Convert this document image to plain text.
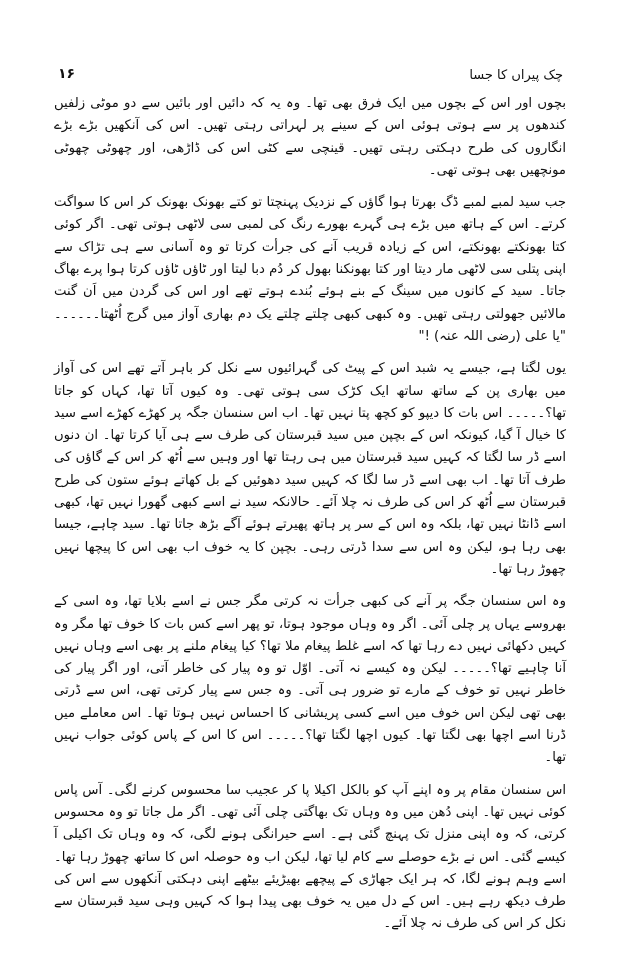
چک پیراں کا جسا
۱۶

بچوں اور اس کے بچوں میں ایک فرق بھی تھا۔ وہ یہ کہ دائیں اور بائیں سے دو موٹی زلفیں کندھوں پر سے ہوتی ہوئی اس کے سینے پر لہراتی رہتی تھیں۔ اس کی آنکھیں بڑے بڑے انگاروں کی طرح دہکتی رہتی تھیں۔ قینچی سے کٹی اس کی ڈاڑھی، اور چھوٹی چھوٹی مونچھیں بھی ہوتی تھی۔

جب سید لمبے لمبے ڈگ بھرتا ہوا گاؤں کے نزدیک پہنچتا تو کتے بھونک بھونک کر اس کا سواگت کرتے۔ اس کے ہاتھ میں بڑے ہی گہرے بھورے رنگ کی لمبی سی لاٹھی ہوتی تھی۔ اگر کوئی کتا بھونکتے بھونکتے، اس کے زیادہ قریب آنے کی جرأت کرتا تو وہ آسانی سے ہی تڑاک سے اپنی پتلی سی لاٹھی مار دیتا اور کتا بھونکنا بھول کر دُم دبا لیتا اور ٹاؤں ٹاؤں کرتا ہوا پرے بھاگ جاتا۔ سید کے کانوں میں سینگ کے بنے ہوئے بُندے ہوتے تھے اور اس کی گردن میں اَن گنت مالائیں جھولتی رہتی تھیں۔ وہ کبھی کبھی چلتے چلتے یک دم بھاری آواز میں گرج اُٹھتا۔۔۔۔۔۔ "یا علی (رضی اللہ عنہ) !"

یوں لگتا ہے، جیسے یہ شبد اس کے پیٹ کی گہرائیوں سے نکل کر باہر آتے تھے اس کی آواز میں بھاری پن کے ساتھ ساتھ ایک کڑک سی ہوتی تھی۔ وہ کیوں آتا تھا، کہاں کو جاتا تھا؟۔۔۔۔۔ اس بات کا دیپو کو کچھ پتا نہیں تھا۔ اب اس سنسان جگہ پر کھڑے کھڑے اسے سید کا خیال آ گیا، کیونکہ اس کے بچپن میں سید قبرستان کی طرف سے ہی آیا کرتا تھا۔ ان دنوں اسے ڈر سا لگتا کہ کہیں سید قبرستان میں ہی رہتا تھا اور وہیں سے اُٹھ کر اس کے گاؤں کی طرف آتا تھا۔ اب بھی اسے ڈر سا لگا کہ کہیں سید دھوئیں کے بل کھاتے ہوئے ستون کی طرح قبرستان سے اُٹھ کر اس کی طرف نہ چلا آئے۔ حالانکہ سید نے اسے کبھی گھورا نہیں تھا، کبھی اسے ڈانٹا نہیں تھا، بلکہ وہ اس کے سر پر ہاتھ پھیرتے ہوئے آگے بڑھ جاتا تھا۔ سید چاہے، جیسا بھی رہا ہو، لیکن وہ اس سے سدا ڈرتی رہی۔ بچپن کا یہ خوف اب بھی اس کا پیچھا نہیں چھوڑ رہا تھا۔

وہ اس سنسان جگہ پر آنے کی کبھی جرأت نہ کرتی مگر جس نے اسے بلایا تھا، وہ اسی کے بھروسے یہاں پر چلی آئی۔ اگر وہ وہاں موجود ہوتا، تو پھر اسے کس بات کا خوف تھا مگر وہ کہیں دکھائی نہیں دے رہا تھا کہ اسے غلط پیغام ملا تھا؟ کیا پیغام ملنے پر بھی اسے وہاں نہیں آنا چاہیے تھا؟۔۔۔۔۔ لیکن وہ کیسے نہ آتی۔ اوّل تو وہ پیار کی خاطر آتی، اور اگر پیار کی خاطر نہیں تو خوف کے مارے تو ضرور ہی آتی۔ وہ جس سے پیار کرتی تھی، اس سے ڈرتی بھی تھی لیکن اس خوف میں اسے کسی پریشانی کا احساس نہیں ہوتا تھا۔ اس معاملے میں ڈرنا اسے اچھا بھی لگتا تھا۔ کیوں اچھا لگتا تھا؟۔۔۔۔۔ اس کا اس کے پاس کوئی جواب نہیں تھا۔

اس سنسان مقام پر وہ اپنے آپ کو بالکل اکیلا پا کر عجیب سا محسوس کرنے لگی۔ آس پاس کوئی نہیں تھا۔ اپنی دُھن میں وہ وہاں تک بھاگتی چلی آئی تھی۔ اگر مل جاتا تو وہ محسوس کرتی، کہ وہ اپنی منزل تک پہنچ گئی ہے۔ اسے حیرانگی ہونے لگی، کہ وہ وہاں تک اکیلی آ کیسے گئی۔ اس نے بڑے حوصلے سے کام لیا تھا، لیکن اب وہ حوصلہ اس کا ساتھ چھوڑ رہا تھا۔ اسے وہم ہونے لگا، کہ ہر ایک جھاڑی کے پیچھے بھیڑیئے بیٹھے اپنی دہکتی آنکھوں سے اس کی طرف دیکھ رہے ہیں۔ اس کے دل میں یہ خوف بھی پیدا ہوا کہ کہیں وہی سید قبرستان سے نکل کر اس کی طرف نہ چلا آئے۔
